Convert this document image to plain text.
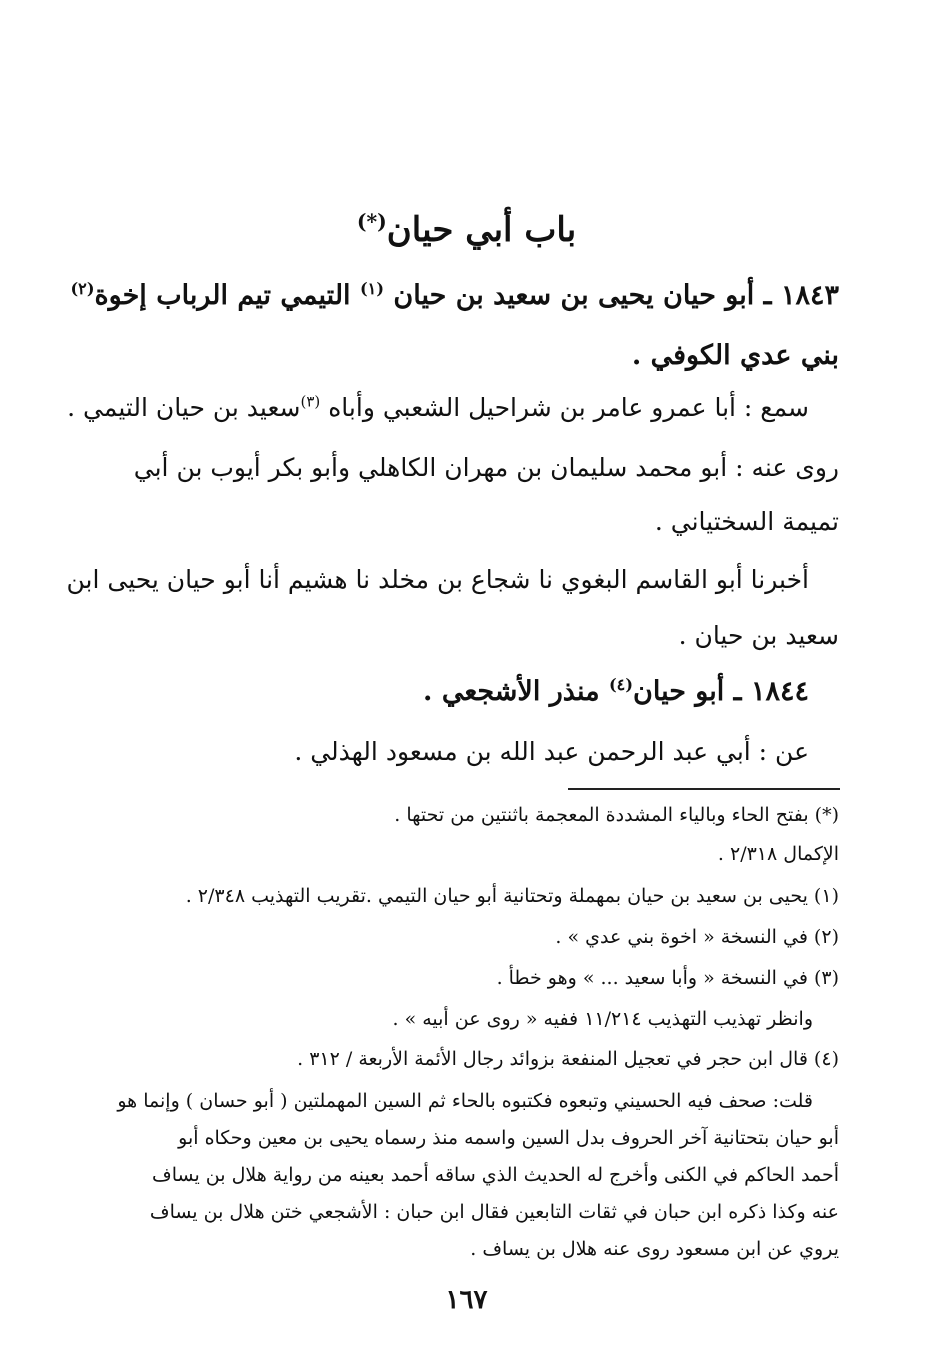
باب أبي حيان(*)
١٨٤٣ ـ أبو حيان يحيى بن سعيد بن حيان $^{(١)}$ التيمي تيم الرباب إخوة$^{(٢)}$
بني عدي الكوفي .
سمع : أبا عمرو عامر بن شراحيل الشعبي وأباه $^{(٣)}$سعيد بن حيان التيمي .
روى عنه : أبو محمد سليمان بن مهران الكاهلي وأبو بكر أيوب بن أبي
تميمة السختياني .
أخبرنا أبو القاسم البغوي نا شجاع بن مخلد نا هشيم أنا أبو حيان يحيى ابن
سعيد بن حيان .
١٨٤٤ ـ أبو حيان$^{(٤)}$ منذر الأشجعي .
عن : أبي عبد الرحمن عبد الله بن مسعود الهذلي .
(*) بفتح الحاء وبالياء المشددة المعجمة باثنتين من تحتها .
الإكمال ٢/٣١٨ .
(١) يحيى بن سعيد بن حيان بمهملة وتحتانية أبو حيان التيمي .تقريب التهذيب ٢/٣٤٨ .
(٢) في النسخة « اخوة بني عدي » .
(٣) في النسخة « وأبا سعيد ... » وهو خطأ .
وانظر تهذيب التهذيب ١١/٢١٤ ففيه « روى عن أبيه » .
(٤) قال ابن حجر في تعجيل المنفعة بزوائد رجال الأئمة الأربعة / ٣١٢ .
قلت: صحف فيه الحسيني وتبعوه فكتبوه بالحاء ثم السين المهملتين ( أبو حسان ) وإنما هو
أبو حيان بتحتانية آخر الحروف بدل السين واسمه منذ رسماه يحيى بن معين وحكاه أبو
أحمد الحاكم في الكنى وأخرج له الحديث الذي ساقه أحمد بعينه من رواية هلال بن يساف
عنه وكذا ذكره ابن حبان في ثقات التابعين فقال ابن حبان : الأشجعي ختن هلال بن يساف
يروي عن ابن مسعود روى عنه هلال بن يساف .
١٦٧
